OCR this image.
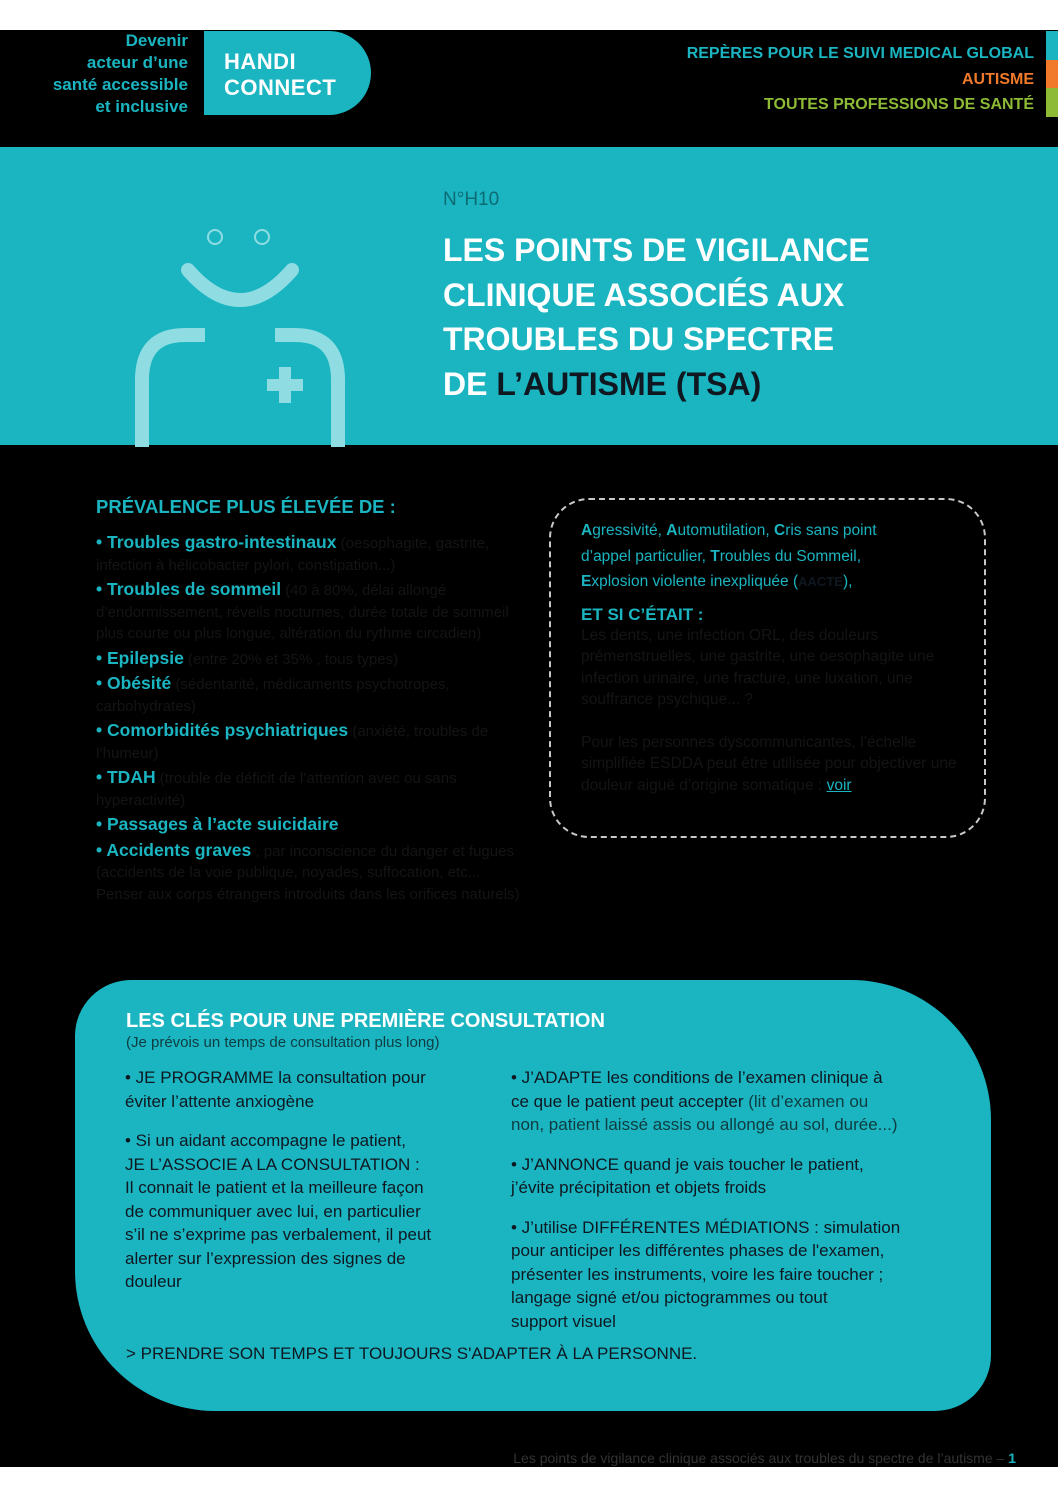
Devenir
acteur d’une
santé accessible
et inclusive
HANDI
CONNECT
REPÈRES POUR LE SUIVI MEDICAL GLOBAL
AUTISME
TOUTES PROFESSIONS DE SANTÉ
N°H10
LES POINTS DE VIGILANCE
CLINIQUE ASSOCIÉS AUX
TROUBLES DU SPECTRE
DE L’AUTISME (TSA)
PRÉVALENCE PLUS ÉLEVÉE DE :
• Troubles gastro-intestinaux (oesophagite, gastrite, infection à hélicobacter pylori, constipation...)
• Troubles de sommeil (40 à 80%, délai allongé d’endormissement, réveils nocturnes, durée totale de sommeil plus courte ou plus longue, altération du rythme circadien)
• Epilepsie (entre 20% et 35% , tous types)
• Obésité (sédentarité, médicaments psychotropes, carbohydrates)
• Comorbidités psychiatriques (anxiété, troubles de l’humeur)
• TDAH (trouble de déficit de l’attention avec ou sans hyperactivité)
• Passages à l’acte suicidaire
• Accidents graves , par inconscience du danger et fugues (accidents de la voie publique, noyades, suffocation, etc... Penser aux corps étrangers introduits dans les orifices naturels)
Agressivité, Automutilation, Cris sans point
d’appel particulier, Troubles du Sommeil,
Explosion violente inexpliquée (AACTE),
ET SI C’ÉTAIT :
Les dents, une infection ORL, des douleurs prémenstruelles, une gastrite, une oesophagite une infection urinaire, une fracture, une luxation, une souffrance psychique... ?
Pour les personnes dyscommunicantes, l’échelle simplifiée ESDDA peut être utilisée pour objectiver une douleur aiguë d’origine somatique : voir
LES CLÉS POUR UNE PREMIÈRE CONSULTATION
(Je prévois un temps de consultation plus long)
• JE PROGRAMME la consultation pour
éviter l’attente anxiogène
• Si un aidant accompagne le patient,
JE L’ASSOCIE A LA CONSULTATION :
Il connait le patient et la meilleure façon
de communiquer avec lui, en particulier
s’il ne s’exprime pas verbalement, il peut
alerter sur l’expression des signes de
douleur
• J’ADAPTE les conditions de l’examen clinique à
ce que le patient peut accepter (lit d’examen ou
non, patient laissé assis ou allongé au sol, durée...)
• J’ANNONCE quand je vais toucher le patient,
j’évite précipitation et objets froids
• J’utilise DIFFÉRENTES MÉDIATIONS : simulation
pour anticiper les différentes phases de l'examen,
présenter les instruments, voire les faire toucher ;
langage signé et/ou pictogrammes ou tout
support visuel
> PRENDRE SON TEMPS ET TOUJOURS S'ADAPTER À LA PERSONNE.
Les points de vigilance clinique associés aux troubles du spectre de l’autisme – 1
